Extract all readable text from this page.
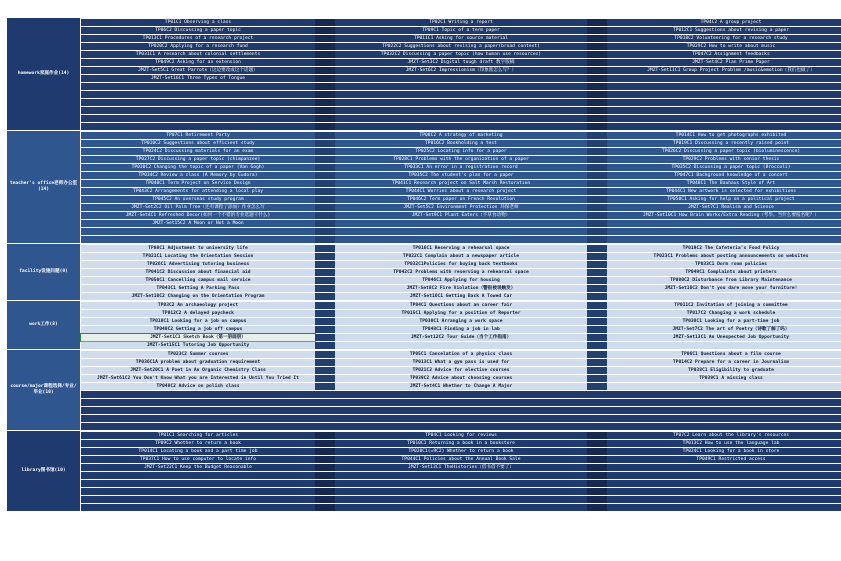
homework家庭作业(14)
TP01C1 Observing a class	TP02C1 Writing a report	TP04C2 A group project
TP06C2 Discussing a paper topic	TP09C1 Topic of a term paper	TP012C1 Suggestions about revising a paper
TP013C1 Procedures of a research project	TP011C1 Asking for source material	TP018C2 Volunteering for a research study
TP020C2 Applying for a research fund	TP022C2 Suggestions about revising a paper(broad context)	TP029C2 How to write about music
TP031C1 A research about colonial settlements	TP032C2 Discussing a paper topic (how human use resources)	TP047C2 Assignment feedbacks
TP049C2 Asking for an extension	JMZT-Set3C2 Digital tough draft 数字版稿	JMZT-Set4C2 Plan Prime Paper
JMZT-Set5C1 Great Parrots（这边要改成这个话题）	JMZT-Set6C2 Impressionism（印象派怎么写？）	JMZT-Set11C1 Group Project Problem /music&emotion（我们也做了）
JMZT-Set16C1 Three Types of Tongue
teacher's office老师办公室(14)
TP07C1 Retirement Party	TP08C2 A strategy of marketing	TP014C1 How to get photographs exhibited
TP010C2 Suggestions about efficient study	TP016C2 Bookholding a test	TP019C1 Discussing a recently raised point
TP024C2 Discussing materials for an exam	TP025C2 Locating info for a paper	TP026C2 Discussing a paper topic (bioluminescence)
TP027C2 Discussing a paper topic (chimpanzee)	TP028C1 Problems with the organization of a paper	TP029C2 Problems with senior thesis
TP030C2 Changing the topic of a paper (Van Gogh)	TP033C1 An error in a registration record	TP035C2 Discussing a paper topic (Broccoli)
TP034C2 Review a class (A Memory by Eudora)	TP035C2 The student's plan for a paper	TP047C1 Background knowledge of a concert
TP040C1 Term Project on Service Design	TP041C1 Research project on Salt Marsh Restoration	TP048C1 The Bauhaus Style of Art
TP043C2 Arrangements for attending a local play	TP044C1 Worries about a research project	TP044C1 New artwork is selected for exhibitions
TP045C2 An overseas study program	TP046C2 Term paper on French Revolution	TP050C1 Asking for help on a political project
JMZT-Set2C2 Oil Palm Tree（还有课程了添加）作业怎么写	JMZT-Set5C2 Environment Protection 环保老师	JMZT-Set7C1 Realism and Science
JMZT-Set4C1 Refreshed Decor(如何一个不错的专业选题干什么)	JMZT-Set9C1 Plant Eaters（不草食动物）	JMZT-Set10C1 How Brain Works/Extra Reading（考毕。当什么要报名呢？）
JMZT-Set15C2 A Moon or Not a Moon
facility设施问题(9)
TP08C1 Adjustment to university life	TP016C1 Reserving a rehearsal space	TP019C2 The Cafeteria's Food Policy
TP021C1 Locating the Orientation Session	TP022C1 Complain about a newspaper article	TP023C1 Problems about posting announcements on websites
TP026C1 Advertising tutoring business	TP032C1Policies for buying back textbooks	TP033C1 Dorm room policies
TP041C2 Discussion about financial aid	TP042C2 Problems with reserving a rehearsal space	TP049C1 Complaints about printers
TP050C1 Cancelling campus mail service	TP046C1 Applying for housing	TP080C2 Disturbance from Library Maintenance
TP043C1 Getting A Parking Pass	JMZT-Set8C2 Fire Violation（警报被误触发）	JMZT-Set16C2 Don't you dare move your furniture!
JMZT-Set10C2 Changing on the Orientation Program	JMZT-Set16C1 Getting Back A Towed Car
work工作(8)
TP03C2 An archaeology project	TP04C1 Questions about an career fair	TP011C2 Invitation of joining a committee
TP012C2 A delayed paycheck	TP015C1 Applying for a position of Reporter	TP017C2 Changing a work schedule
TP018C1 Looking for a job on campus	TP030C1 Arranging a work space	TP038C1 Looking for a part-time job
TP040C2 Getting a job off campus	TP048C1 Finding a job in lab	JMZT-Set7C2 The art of Poetry（诗歌了解了吗）
JMZT-Set1C1 Sketch Book（第一册画册）	JMZT-Set12C2 Tour Guide（当个工作指南）	JMZT-Set13C1 An Unexpected Job Opportunity
JMZT-Set15C1 Tutoring Job Opportunity
course/major课程选择/专业/毕业(10)
TP023C2 Summer courses	TP05C1 Cancelation of a physics class	TP06C1 Questions about a film course
TP036C1A problem about graduation requirement	TP013C1 What a gym pass is used for	TP014C2 Prepare for a career in Journalism
JMZT-Set20C1 A Poet in An Organic Chemistry Class	TP021C2 Advice for elective courses	TP038C1 Eligibility to graduate
JMZT-Set61C2 You Don't Know What you are Interested in Until You Tried It	TP039C2 Advice about choosing courses	TP039C1 A missing class
TP048C2 Advice on polish class	JMZT-Set4C1 Whether to Change A Major
library图书馆(10)
TP01C1 Searching for articles	TP04C1 Looking for reviews	TP07C2 Learn about the library's resources
TP09C2 Whether to return a book	TP010C1 Returning a book in a bookstore	TP013C2 How to use the language lab
TP014C1 Locating a book and a part time job	TP020C1(=9C2) Whether to return a book	TP024C1 Looking for a book in store
TP037C1 How to use computer to locate info	TP044C1 Policies about the Annual Book Sale	TP049C1 Restricted access
JMZT-Set22C1 Keep the Budget Reasonable	JMZT-Set13C1 TheHistories（借书借不要了）
